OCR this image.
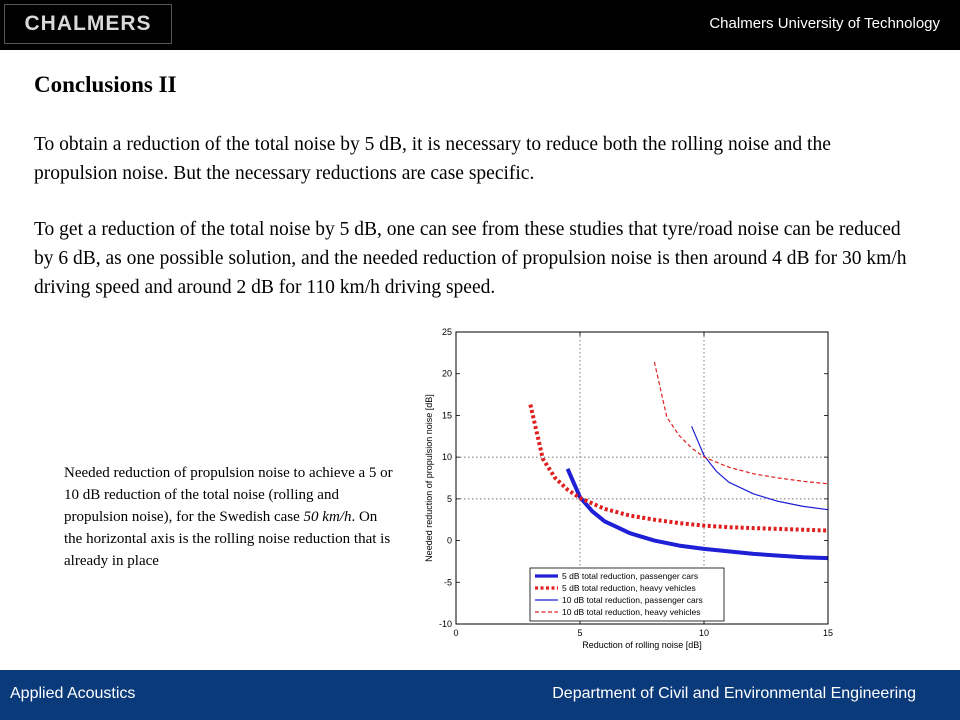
CHALMERS	Chalmers University of Technology
Conclusions II

To obtain a reduction of the total noise by 5 dB, it is necessary to reduce both the rolling noise and the propulsion noise. But the necessary reductions are case specific.

To get a reduction of the total noise by 5 dB, one can see from these studies that tyre/road noise can be reduced by 6 dB, as one possible solution, and the needed reduction of propulsion noise is then around 4 dB for 30 km/h driving speed and around 2 dB for 110 km/h driving speed.

Needed reduction of propulsion noise to achieve a 5 or 10 dB reduction of the total noise (rolling and propulsion noise), for the Swedish case 50 km/h. On the horizontal axis is the rolling noise reduction that is already in place

0	5	10	15
-10
-5
0
5
10
15
20
25
Reduction of rolling noise [dB]
Needed reduction of propulsion noise [dB]
5 dB total reduction, passenger cars
5 dB total reduction, heavy vehicles
10 dB total reduction, passenger cars
10 dB total reduction, heavy vehicles
Applied Acoustics	Department of Civil and Environmental Engineering
